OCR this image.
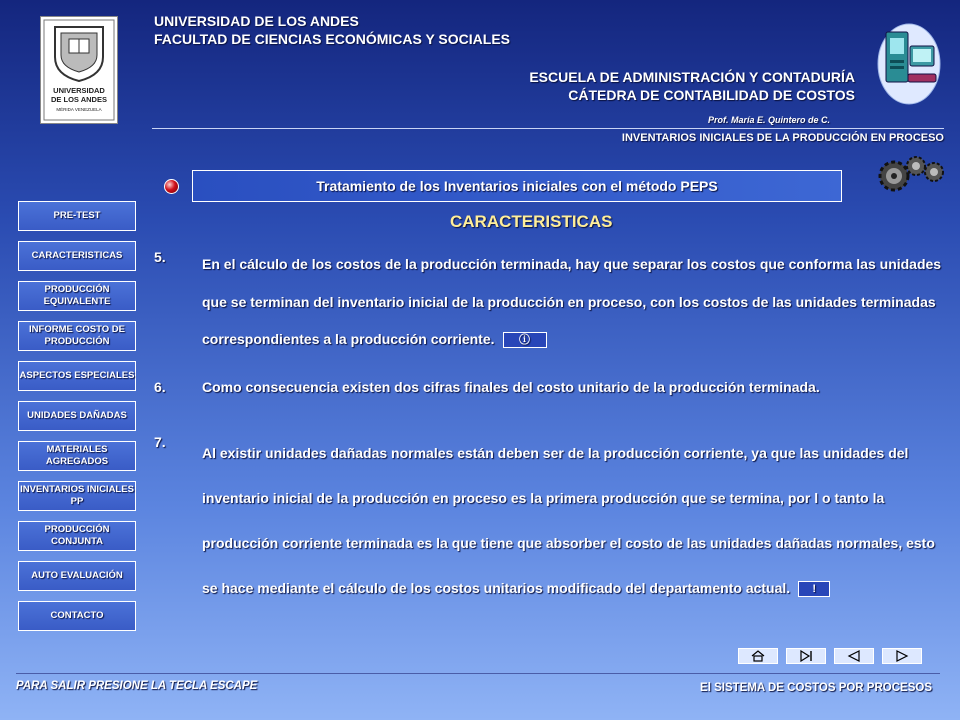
UNIVERSIDAD
DE LOS ANDES
MÉRIDA VENEZUELA
UNIVERSIDAD DE LOS ANDES
FACULTAD DE CIENCIAS ECONÓMICAS Y SOCIALES
ESCUELA DE ADMINISTRACIÓN Y CONTADURÍA
CÁTEDRA DE CONTABILIDAD DE COSTOS
Prof. María E. Quintero de C.
INVENTARIOS INICIALES DE LA PRODUCCIÓN EN PROCESO
Tratamiento de los Inventarios iniciales con el método PEPS
CARACTERISTICAS
PRE-TEST
CARACTERISTICAS
PRODUCCIÓN EQUIVALENTE
INFORME COSTO DE PRODUCCIÓN
ASPECTOS ESPECIALES
UNIDADES DAÑADAS
MATERIALES AGREGADOS
INVENTARIOS INICIALES PP
PRODUCCIÓN CONJUNTA
AUTO EVALUACIÓN
CONTACTO
5.	En el cálculo de los costos de la producción terminada, hay que separar los costos que conforma las unidades que se terminan del inventario inicial de la producción en proceso, con los costos de las unidades terminadas correspondientes a la producción corriente. ⓘ
6.	Como consecuencia existen dos cifras finales del costo unitario de la producción terminada.
7.
Al existir unidades dañadas normales están deben ser de la producción corriente, ya que las unidades del inventario inicial de la producción en proceso es la primera producción que se termina, por l o tanto la producción corriente terminada es la que tiene que absorber el costo de las unidades dañadas normales, esto se hace mediante el cálculo de los costos unitarios modificado del departamento actual. !
PARA SALIR PRESIONE LA TECLA ESCAPE	El SISTEMA DE COSTOS POR PROCESOS
